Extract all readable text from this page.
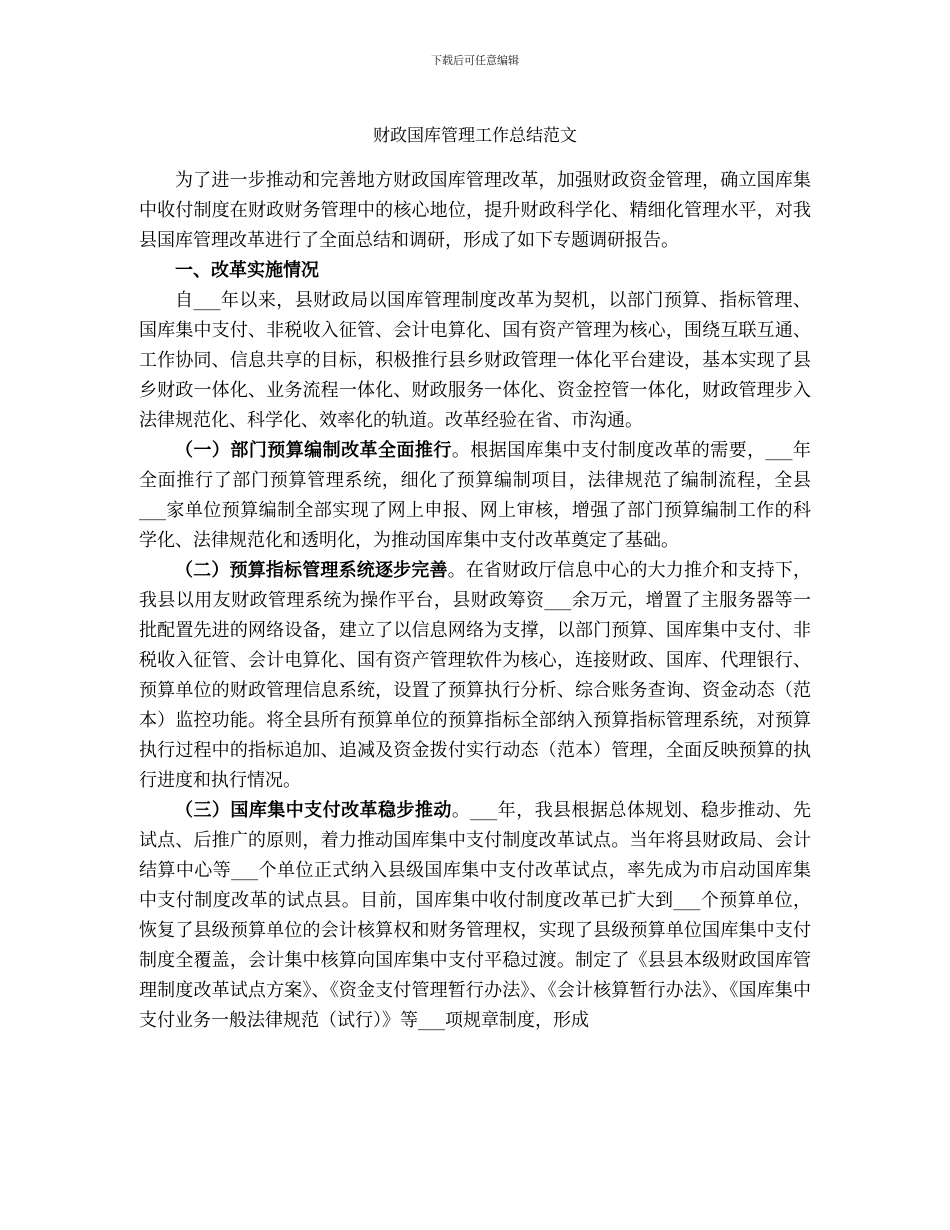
下载后可任意编辑
财政国库管理工作总结范文

为了进一步推动和完善地方财政国库管理改革，加强财政资金管理，确立国库集中收付制度在财政财务管理中的核心地位，提升财政科学化、精细化管理水平，对我县国库管理改革进行了全面总结和调研，形成了如下专题调研报告。

一、改革实施情况

自___年以来，县财政局以国库管理制度改革为契机，以部门预算、指标管理、国库集中支付、非税收入征管、会计电算化、国有资产管理为核心，围绕互联互通、工作协同、信息共享的目标，积极推行县乡财政管理一体化平台建设，基本实现了县乡财政一体化、业务流程一体化、财政服务一体化、资金控管一体化，财政管理步入法律规范化、科学化、效率化的轨道。改革经验在省、市沟通。

（一）部门预算编制改革全面推行。根据国库集中支付制度改革的需要，___年全面推行了部门预算管理系统，细化了预算编制项目，法律规范了编制流程，全县___家单位预算编制全部实现了网上申报、网上审核，增强了部门预算编制工作的科学化、法律规范化和透明化，为推动国库集中支付改革奠定了基础。

（二）预算指标管理系统逐步完善。在省财政厅信息中心的大力推介和支持下，我县以用友财政管理系统为操作平台，县财政筹资___余万元，增置了主服务器等一批配置先进的网络设备，建立了以信息网络为支撑，以部门预算、国库集中支付、非税收入征管、会计电算化、国有资产管理软件为核心，连接财政、国库、代理银行、预算单位的财政管理信息系统，设置了预算执行分析、综合账务查询、资金动态（范本）监控功能。将全县所有预算单位的预算指标全部纳入预算指标管理系统，对预算执行过程中的指标追加、追减及资金拨付实行动态（范本）管理，全面反映预算的执行进度和执行情况。

（三）国库集中支付改革稳步推动。___年，我县根据总体规划、稳步推动、先试点、后推广的原则，着力推动国库集中支付制度改革试点。当年将县财政局、会计结算中心等___个单位正式纳入县级国库集中支付改革试点，率先成为市启动国库集中支付制度改革的试点县。目前，国库集中收付制度改革已扩大到___个预算单位，恢复了县级预算单位的会计核算权和财务管理权，实现了县级预算单位国库集中支付制度全覆盖，会计集中核算向国库集中支付平稳过渡。制定了《县县本级财政国库管理制度改革试点方案》、《资金支付管理暂行办法》、《会计核算暂行办法》、《国库集中支付业务一般法律规范（试行）》等___项规章制度，形成
